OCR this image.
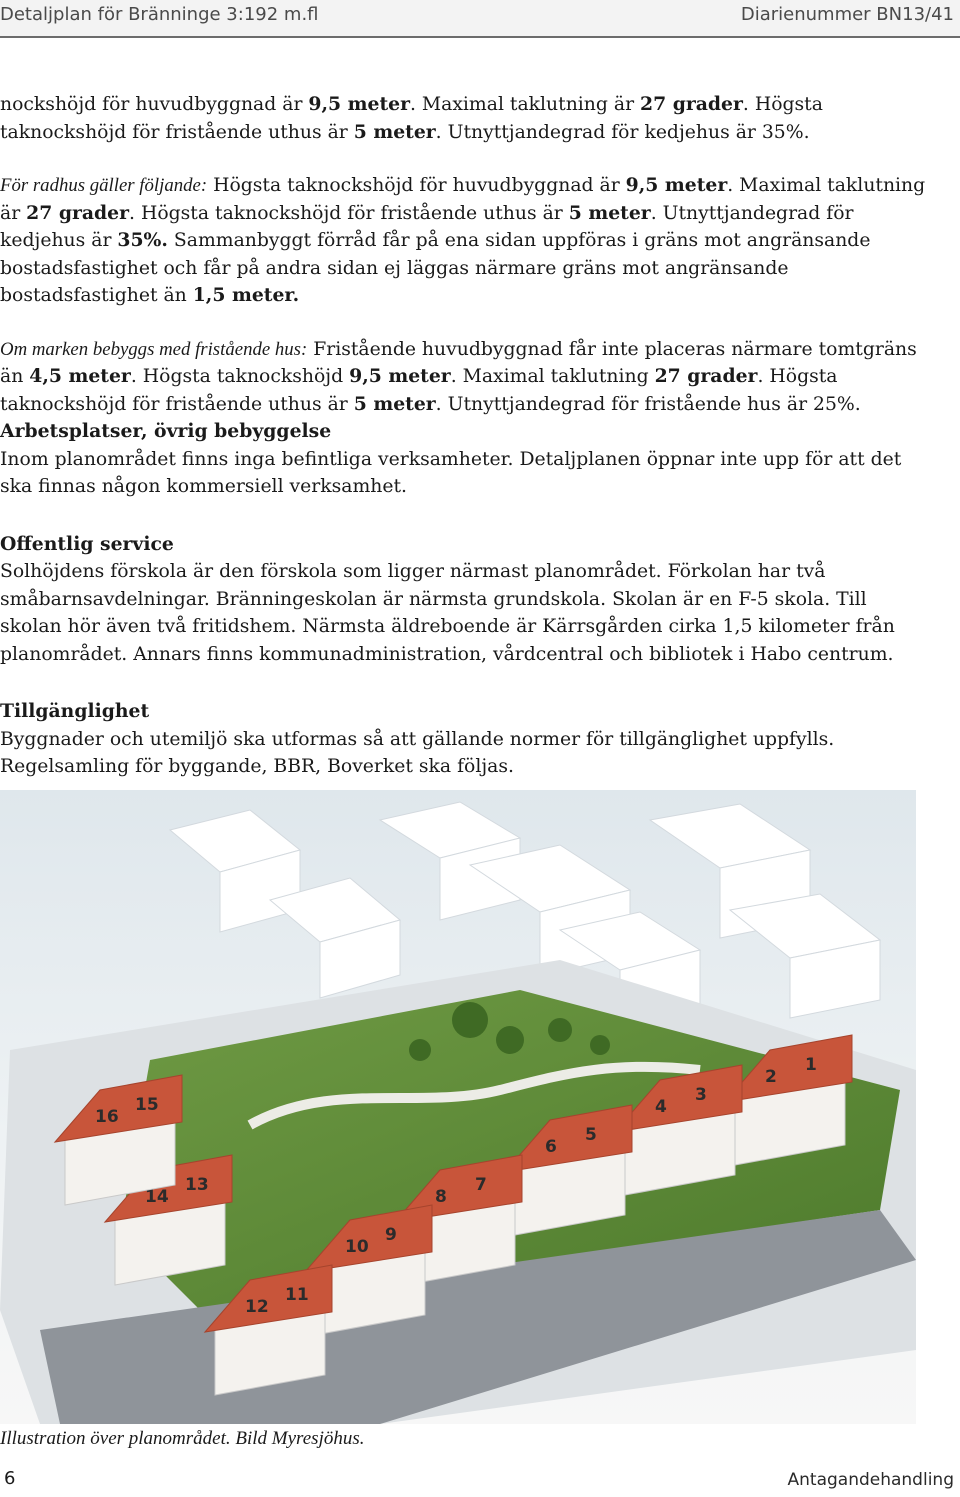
Detaljplan för Bränninge 3:192 m.fl	Diarienummer BN13/41

nockshöjd för huvudbyggnad är 9,5 meter. Maximal taklutning är 27 grader. Högsta taknockshöjd för fristående uthus är 5 meter. Utnyttjandegrad för kedjehus är 35%.

För radhus gäller följande: Högsta taknockshöjd för huvudbyggnad är 9,5 meter. Maximal taklutning är 27 grader. Högsta taknockshöjd för fristående uthus är 5 meter. Utnyttjandegrad för kedjehus är 35%. Sammanbyggt förråd får på ena sidan uppföras i gräns mot angränsande bostadsfastighet och får på andra sidan ej läggas närmare gräns mot angränsande bostadsfastighet än 1,5 meter.

Om marken bebyggs med fristående hus: Fristående huvudbyggnad får inte placeras närmare tomtgräns än 4,5 meter. Högsta taknockshöjd 9,5 meter. Maximal taklutning 27 grader. Högsta taknockshöjd för fristående uthus är 5 meter. Utnyttjandegrad för fristående hus är 25%.

Arbetsplatser, övrig bebyggelse

Inom planområdet finns inga befintliga verksamheter. Detaljplanen öppnar inte upp för att det ska finnas någon kommersiell verksamhet.

Offentlig service

Solhöjdens förskola är den förskola som ligger närmast planområdet. Förkolan har två småbarnsavdelningar. Bränningeskolan är närmsta grundskola. Skolan är en F-5 skola. Till skolan hör även två fritidshem. Närmsta äldreboende är Kärrsgården cirka 1,5 kilometer från planområdet. Annars finns kommunadministration, vårdcentral och bibliotek i Habo centrum.

Tillgänglighet

Byggnader och utemiljö ska utformas så att gällande normer för tillgänglighet uppfylls. Regelsamling för byggande, BBR, Boverket ska följas.

1
2
3
4
5
6
7
8
9
10
11
12
13
14
15
16
Illustration över planområdet. Bild Myresjöhus.
6	Antagandehandling
